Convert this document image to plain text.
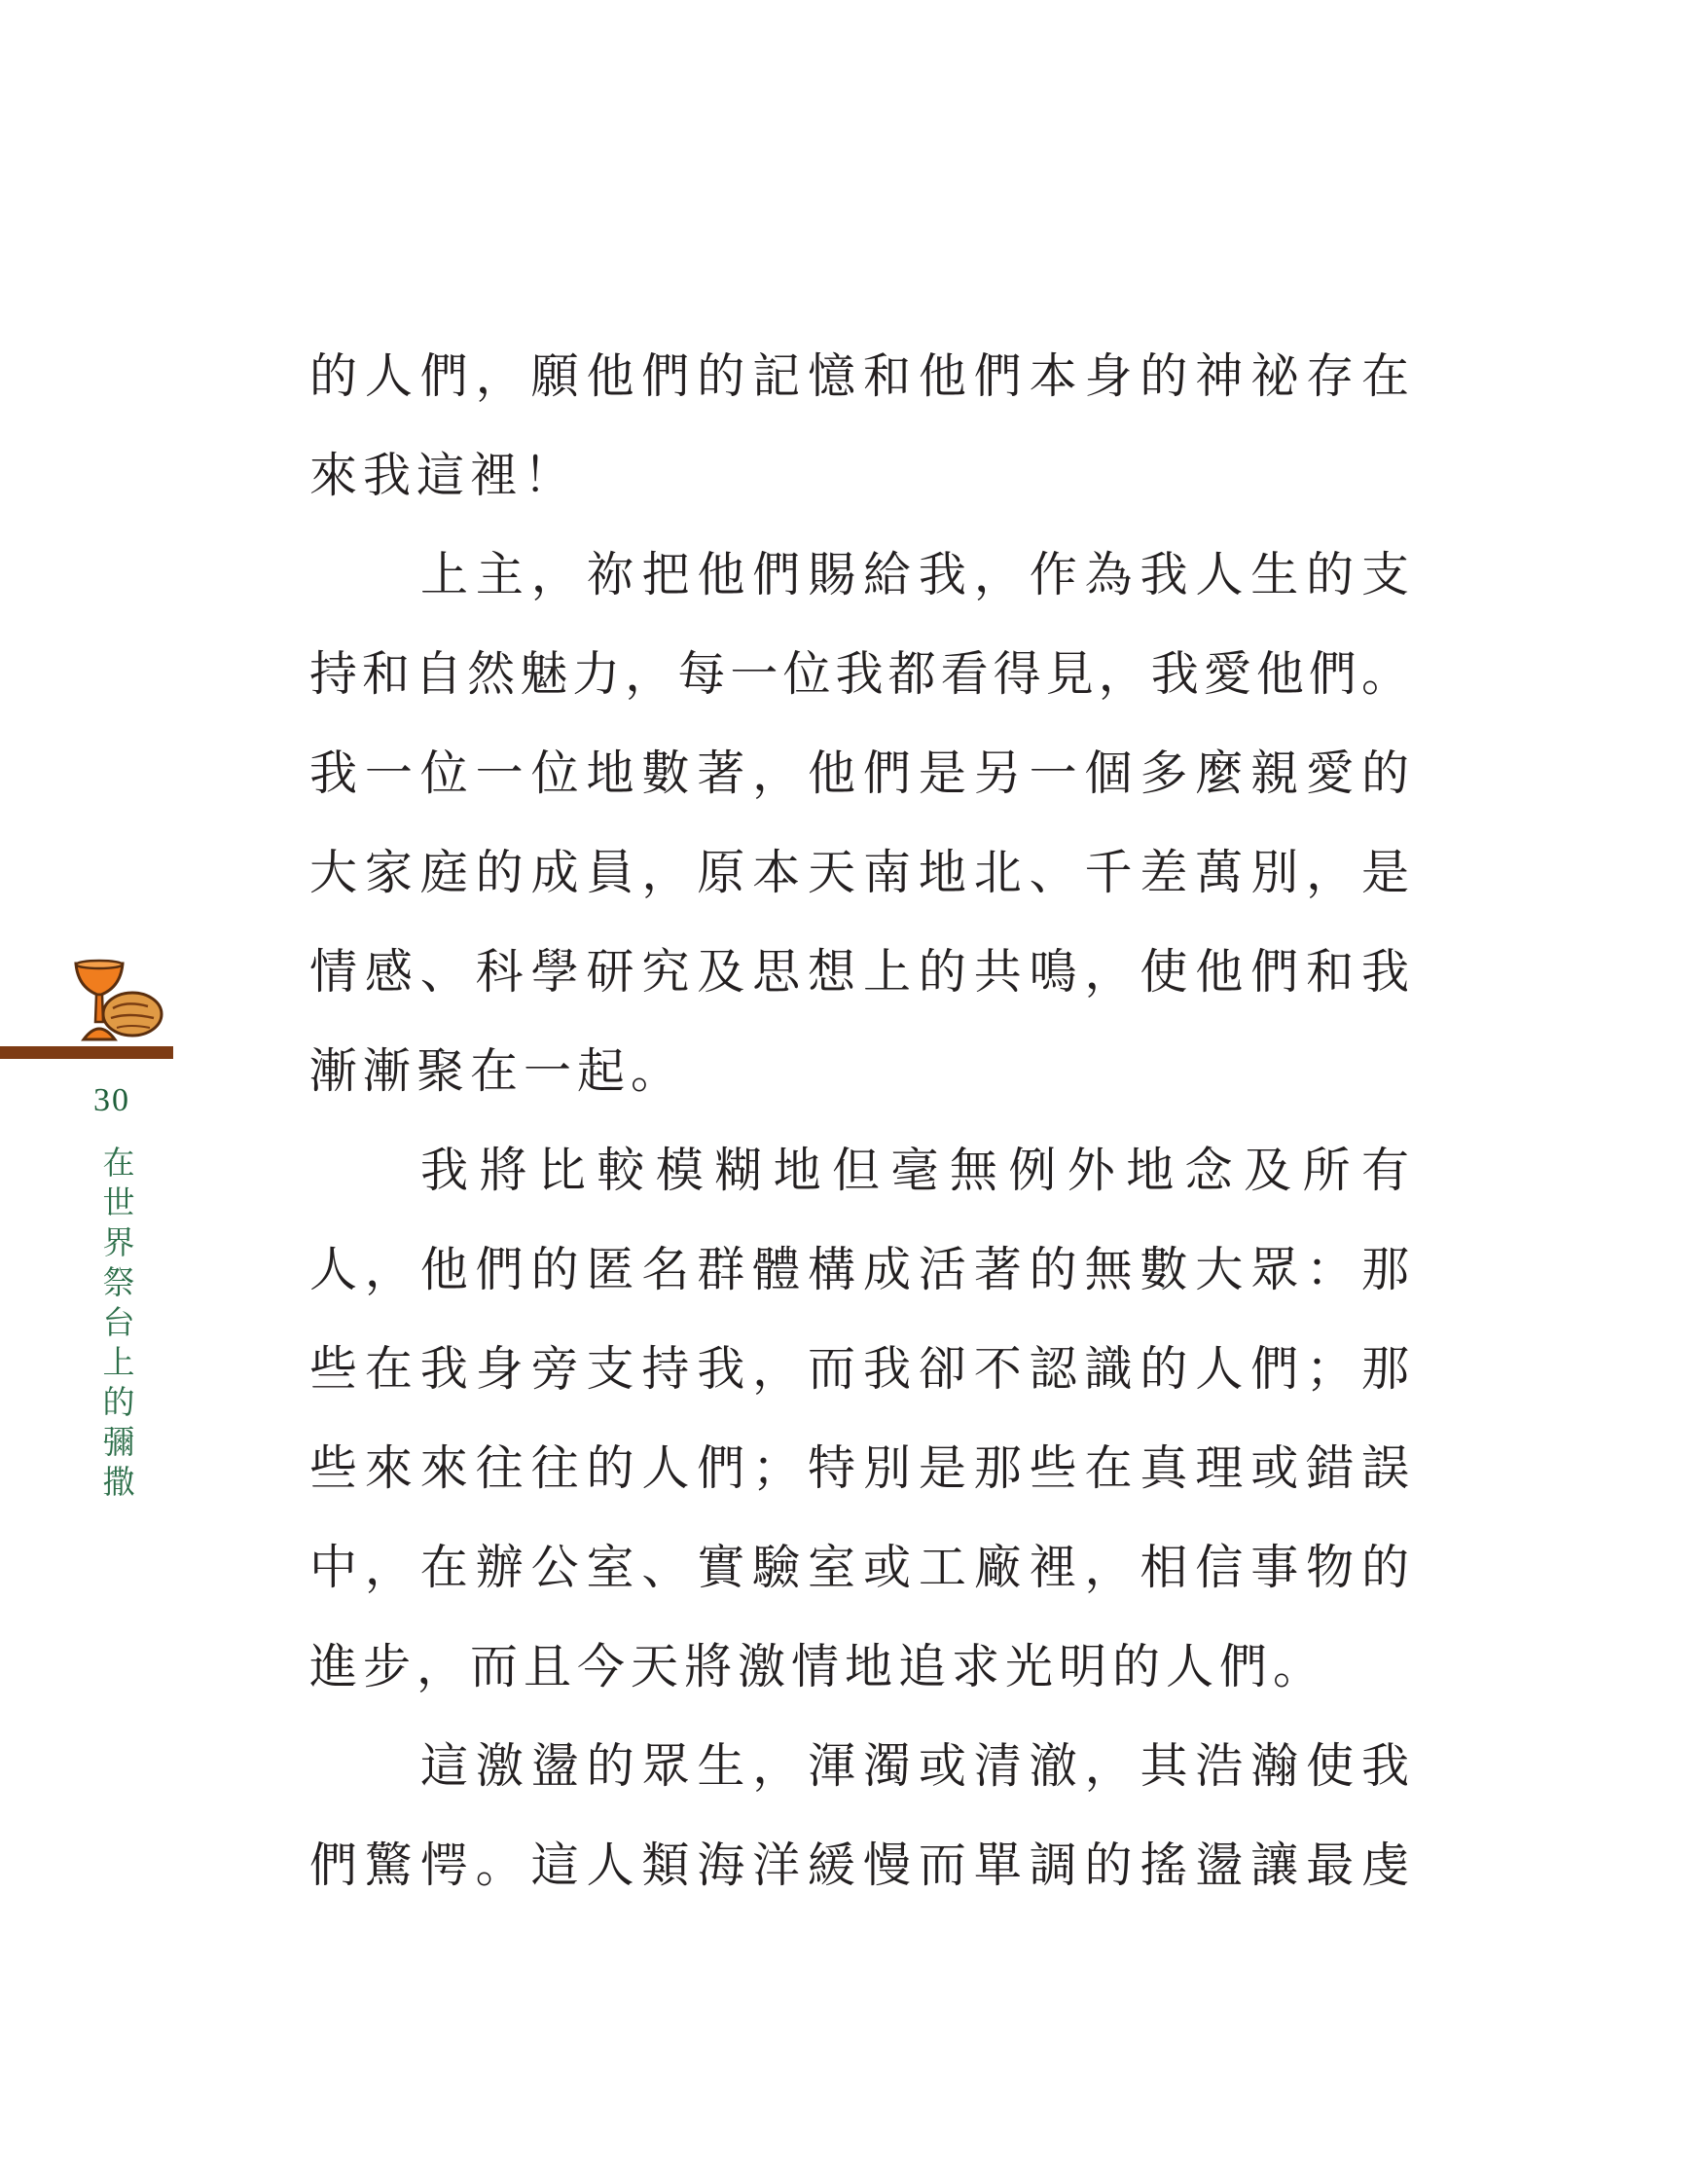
的人們，願他們的記憶和他們本身的神祕存在
來我這裡！
上主，祢把他們賜給我，作為我人生的支
持和自然魅力，每一位我都看得見，我愛他們。
我一位一位地數著，他們是另一個多麼親愛的
大家庭的成員，原本天南地北、千差萬別，是
情感、科學研究及思想上的共鳴，使他們和我
漸漸聚在一起。
我將比較模糊地但毫無例外地念及所有
人，他們的匿名群體構成活著的無數大眾：那
些在我身旁支持我，而我卻不認識的人們；那
些來來往往的人們；特別是那些在真理或錯誤
中，在辦公室、實驗室或工廠裡，相信事物的
進步，而且今天將激情地追求光明的人們。
這激盪的眾生，渾濁或清澈，其浩瀚使我
們驚愕。這人類海洋緩慢而單調的搖盪讓最虔
30
在世界祭台上的彌撒
